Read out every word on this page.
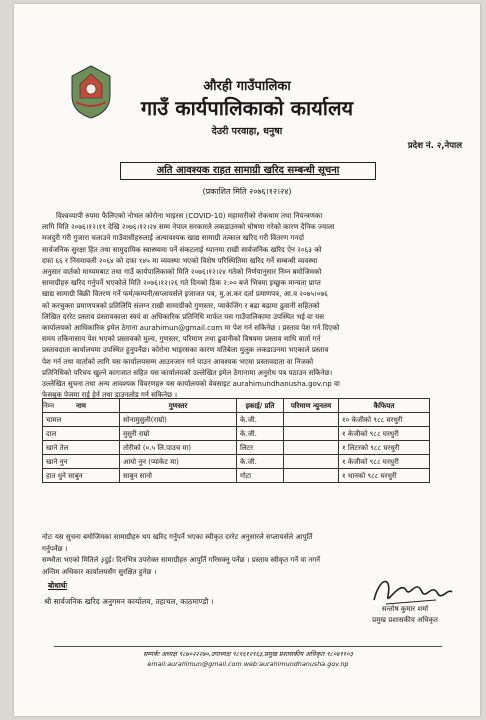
औरही गाउँपालिका
गाउँ कार्यपालिकाको कार्यालय
देउरी परवाहा, धनुषा
प्रदेश नं. २,नेपाल
अति आवश्यक राहत सामाग्री खरिद सम्बन्धी सूचना
(प्रकाशित मिति २०७६।१२।२४)
विश्वव्यापी रुपमा फैलिएको नोभल कोरोना भाइरस (COVID-10) महामारीको रोकथाम तथा नियन्त्रणका
लागि मिति २०७६।१२।११ देखि २०७६।१२।२४ सम्म नेपाल सरकारले लकडाउनको घोषणा गरेको कारण दैनिक ज्याला
मजदुरी गरी गुजारा चलाउने गाउँवासीहरुलाई अत्यावश्यक खाद्य सामाग्री तत्काल खरिद गरी वितरण गनर्दा
सार्वजनिक सुरक्षा हित तथा सामुदायिक स्वास्थ्यमा पर्ने संकटलाई ध्यानमा राखी सार्वजनिक खरिद ऐन २०६३ को
दफा ६६ र नियमावली २०६४ को दफा १४५ मा व्यवस्था भएको विशेष परिस्थितिमा खरिद गर्ने सम्बन्धी व्यवस्था
अनुसार वार्तको माध्यमबाट तथा गाउँ कार्यपालिकाको मिति २०७६।१२।२४ गतेको निर्णयानुसार निम्न बमोजिमको
सामाग्रीहरु खरिद गर्नुपर्ने भएकोले मिति २०७६।१२।२६ गते दिनको ठिक २:०० बजे भित्रमा इच्छुक मान्यता प्राप्त
खाद्य सामाग्री बिक्री वितरण गर्ने फर्म/कम्पनी/सप्लायर्सले इजाजत पत्र, मु.अ.कर दर्ता प्रमाणपत्र, आ.व २०७५।०७६
को करचुक्ता प्रमाणपत्रको प्रतिलिपि संलग्न राखी सामाग्रीको गुणस्तर, प्याकेजिंग र बढा बढामा ढुवानी सहितको
लिखित दररेट प्रस्ताव प्रस्तावकाला स्वयं वा अधिकारिक प्रतिनिधि मार्फत यस गाउँपालिकामा उपस्थित भई वा यस
कार्यालयको आधिकारिक इमेल ठेगाना aurahimun@gmail.com मा पेश गर्न सकिनेछ । प्रस्ताव पेश गर्न दिएको
समय तकिनासाय पेश भएको प्रस्तावको मुल्य, गुणस्तर, परिमाण तथा ढुवानीको विषयमा प्रस्ताव माथि वार्ता गर्न
प्रस्तावदाता कार्यालयमा उपस्थित हुनुपर्नेछ। कोरोना भाइरसका कारण यतिबेला मुलुक लकडाउनमा भएकाले प्रस्ताव
पेश गर्न तथा वार्ताको लागि यस कार्यालयसम्म आउनजान गर्न पाउन आवश्यक भएमा प्रस्तावदाता वा निजको
प्रतिनिधिको परिचय खुल्ने कागजात सहित यस कार्यालयको उल्लेखित इमेल ठेगानामा अनुरोध पत्र पठाउन सकिनेछ।
उल्लेखित सुचना तथा अन्य आवश्यक विवरणहरु यस कार्यालयको वेवसाइट aurahimundhanusha.gov.np वा
फेसबुक पेजमा राई हेर्न तथा डाउनलोड गर्न सकिनेछ ।
निम्न	नाम	गुणस्तर	इकाई/ प्रति	परिमाण न्युनतम	कैफियत
चामल	सोनामुसुली(राम्रो)	के.जी.		१० केजीको ९८८ घरधुरी
दाल	मुसुरी राम्रो	के.जी.		१ केजीको ९८८ घरधुरी
खाने तेल	तोरीको (०.५ लि.पाउच मा)	लिटर		१ लिटरको ९८८ घरधुरी
खाने नुन	आयो नुन (प्याकेट मा)	के.जी.		१ केजीको ९८८ घरधुरी
हात धुने साबुन	साबुन सानो	गोटा		१ थानको ९८८ घरधुरी
नोटः यस सुचना बमोजिमका सामाग्रीहरु थप खरिद गर्नुपर्ने भएका स्वीकृत दररेट अनुसारले सप्लायर्सले आपुर्ति
गर्नुपर्नेछ ।
सम्भौता भएको मितिले ३दुई। दिनभित्र उपरोक्त सामाग्रीहरु आपुर्ति गरिसक्नु पर्नेछ । प्रस्ताव स्वीकृत गर्ने वा नगर्ने
अन्तिम अधिकार कार्यालयसँग सुरक्षित हुनेछ ।
बोधार्थः
श्री सार्वजनिक खरिद अनुगमन कार्यालय, तहाचल, काठमाण्डौ ।
सन्तोष कुमार शर्मा
प्रमुख प्रशासकीय अधिकृत
सम्पर्कः अध्यक्ष ९८७०२२२७०,उपाध्यक्ष ९८१६१२९६३,प्रमुख प्रशासकीय अधिकृत ९८०४११०३
email:aurahimun@gmail.com web:aurahimundhanusha.gov.np
